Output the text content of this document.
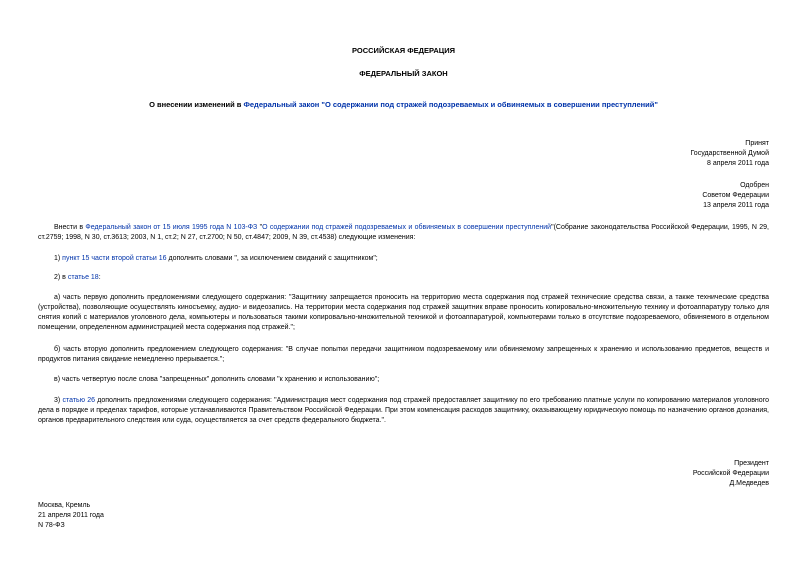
РОССИЙСКАЯ ФЕДЕРАЦИЯ
ФЕДЕРАЛЬНЫЙ ЗАКОН
О внесении изменений в Федеральный закон "О содержании под стражей подозреваемых и обвиняемых в совершении преступлений"
Принят
Государственной Думой
8 апреля 2011 года
Одобрен
Советом Федерации
13 апреля 2011 года
Внести в Федеральный закон от 15 июля 1995 года N 103-ФЗ "О содержании под стражей подозреваемых и обвиняемых в совершении преступлений"(Собрание законодательства Российской Федерации, 1995, N 29, ст.2759; 1998, N 30, ст.3613; 2003, N 1, ст.2; N 27, ст.2700; N 50, ст.4847; 2009, N 39, ст.4538) следующие изменения:
1) пункт 15 части второй статьи 16 дополнить словами ", за исключением свиданий с защитником";
2) в статье 18:
а) часть первую дополнить предложениями следующего содержания: "Защитнику запрещается проносить на территорию места содержания под стражей технические средства связи, а также технические средства (устройства), позволяющие осуществлять киносъемку, аудио- и видеозапись. На территории места содержания под стражей защитник вправе проносить копировально-множительную технику и фотоаппаратуру только для снятия копий с материалов уголовного дела, компьютеры и пользоваться такими копировально-множительной техникой и фотоаппаратурой, компьютерами только в отсутствие подозреваемого, обвиняемого в отдельном помещении, определенном администрацией места содержания под стражей.";
б) часть вторую дополнить предложением следующего содержания: "В случае попытки передачи защитником подозреваемому или обвиняемому запрещенных к хранению и использованию предметов, веществ и продуктов питания свидание немедленно прерывается.";
в) часть четвертую после слова "запрещенных" дополнить словами "к хранению и использованию";
3) статью 26 дополнить предложениями следующего содержания: "Администрация мест содержания под стражей предоставляет защитнику по его требованию платные услуги по копированию материалов уголовного дела в порядке и пределах тарифов, которые устанавливаются Правительством Российской Федерации. При этом компенсация расходов защитнику, оказывающему юридическую помощь по назначению органов дознания, органов предварительного следствия или суда, осуществляется за счет средств федерального бюджета.".
Президент
Российской Федерации
Д.Медведев
Москва, Кремль
21 апреля 2011 года
N 78-ФЗ
